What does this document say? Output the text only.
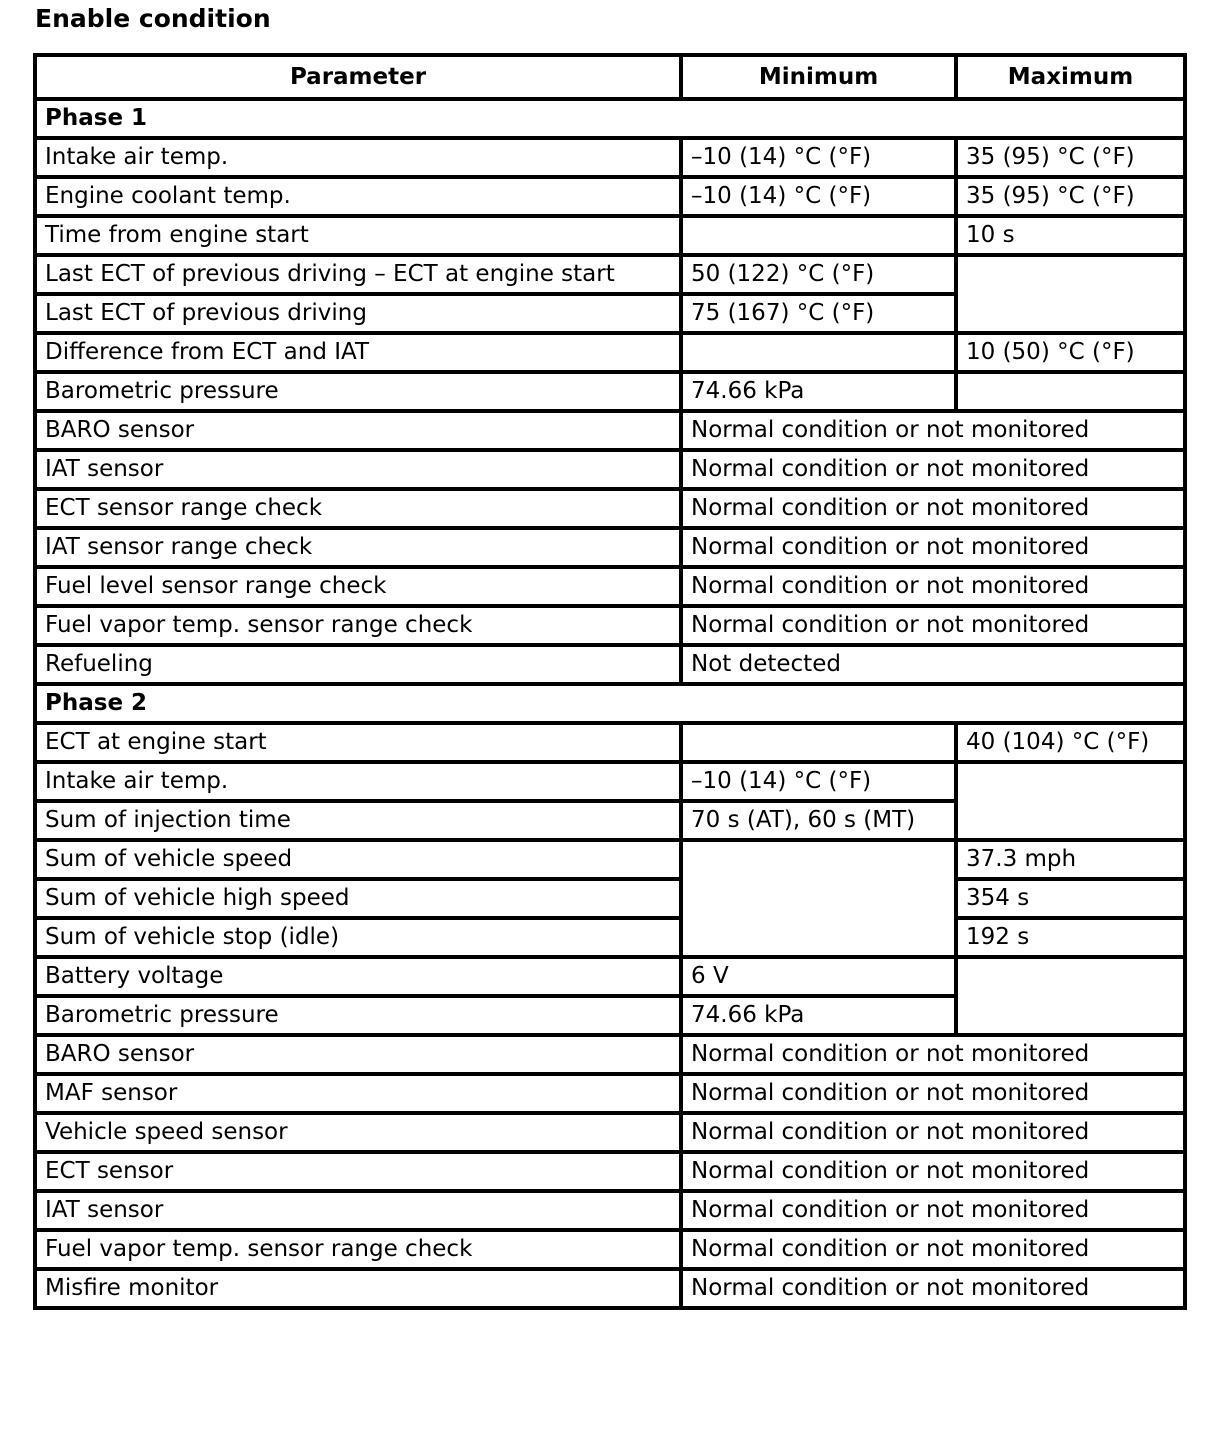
Enable condition
Parameter	Minimum	Maximum
Phase 1		
Intake air temp.	–10 (14) °C (°F)	35 (95) °C (°F)
Engine coolant temp.	–10 (14) °C (°F)	35 (95) °C (°F)
Time from engine start		10 s
Last ECT of previous driving – ECT at engine start	50 (122) °C (°F)	
Last ECT of previous driving	75 (167) °C (°F)	
Difference from ECT and IAT		10 (50) °C (°F)
Barometric pressure	74.66 kPa	
BARO sensor	Normal condition or not monitored	
IAT sensor	Normal condition or not monitored	
ECT sensor range check	Normal condition or not monitored	
IAT sensor range check	Normal condition or not monitored	
Fuel level sensor range check	Normal condition or not monitored	
Fuel vapor temp. sensor range check	Normal condition or not monitored	
Refueling	Not detected	
Phase 2		
ECT at engine start		40 (104) °C (°F)
Intake air temp.	–10 (14) °C (°F)	
Sum of injection time	70 s (AT), 60 s (MT)	
Sum of vehicle speed		37.3 mph
Sum of vehicle high speed		354 s
Sum of vehicle stop (idle)		192 s
Battery voltage	6 V	
Barometric pressure	74.66 kPa	
BARO sensor	Normal condition or not monitored	
MAF sensor	Normal condition or not monitored	
Vehicle speed sensor	Normal condition or not monitored	
ECT sensor	Normal condition or not monitored	
IAT sensor	Normal condition or not monitored	
Fuel vapor temp. sensor range check	Normal condition or not monitored	
Misfire monitor	Normal condition or not monitored	
